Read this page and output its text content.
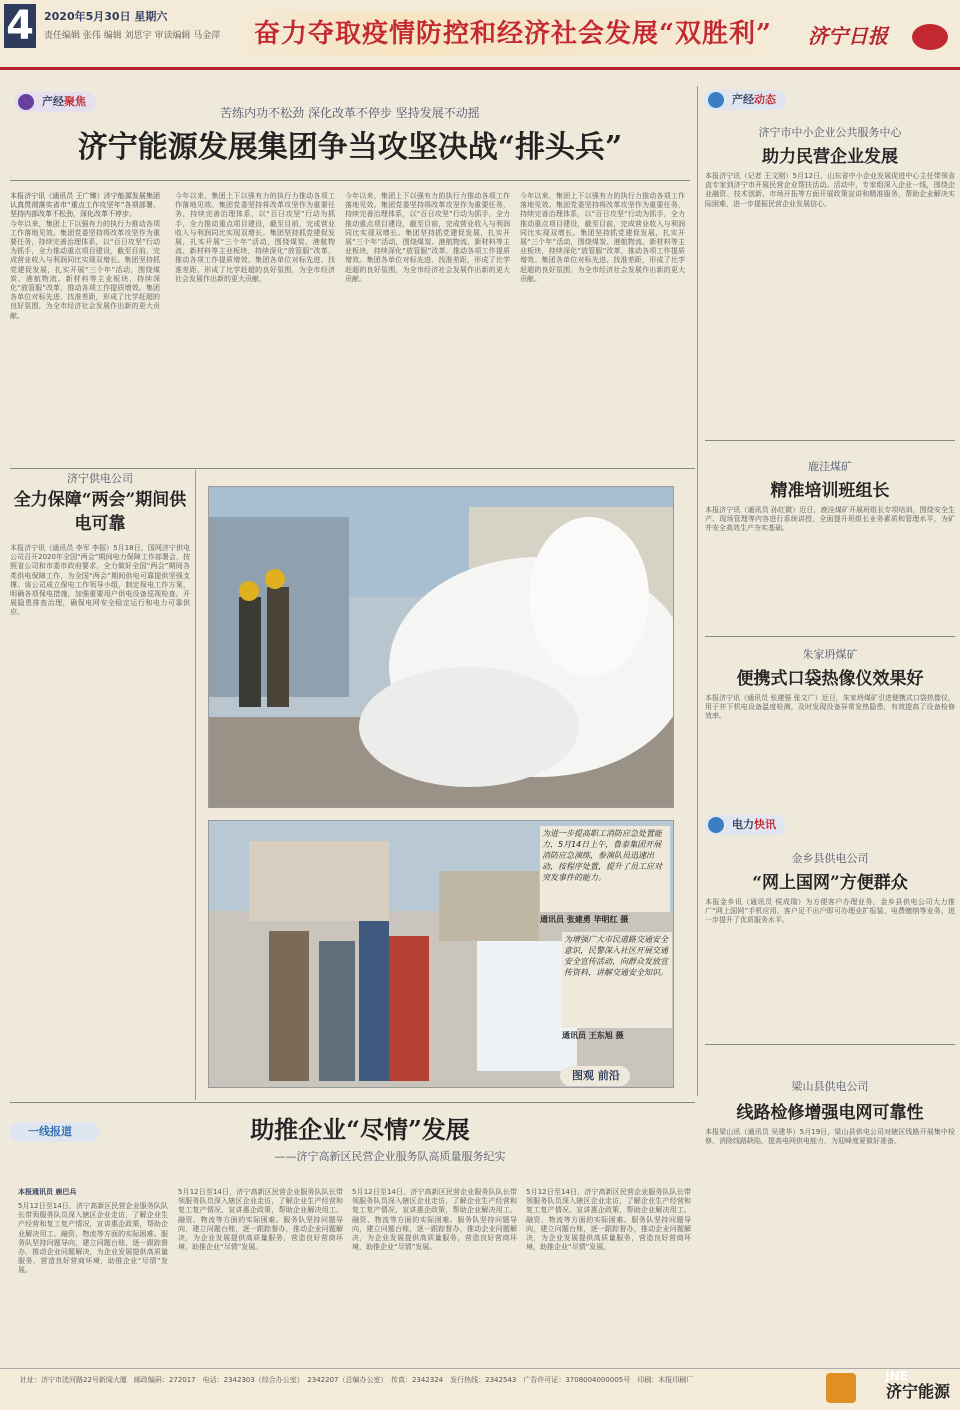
4 2020年5月30日 星期六
责任编辑 张伟 编辑 刘思宇 审读编辑 马金萍	奋力夺取疫情防控和经济社会发展“双胜利”	济宁日报
产经聚焦
苦练内功不松劲 深化改革不停步 坚持发展不动摇
济宁能源发展集团争当攻坚决战“排头兵”
本报济宁讯（通讯员 王广臻）济宁能源发展集团认真贯彻落实省市“重点工作攻坚年”各项部署，坚持内部改革不松劲，深化改革不停步。
今年以来，集团上下以强有力的执行力推动各项工作落地见效。集团党委坚持将改革攻坚作为重要任务，持续完善治理体系，以“百日攻坚”行动为抓手，全力推动重点项目建设，截至目前，完成营业收入与利润同比实现双增长。集团坚持抓党建促发展，扎实开展“三个年”活动，围绕煤炭、港航物流、新材料等主业板块，持续深化“放管服”改革，推动各项工作提质增效。集团各单位对标先进、找准差距，形成了比学赶超的良好氛围，为全市经济社会发展作出新的更大贡献。
今年以来，集团上下以强有力的执行力推动各项工作落地见效。集团党委坚持将改革攻坚作为重要任务，持续完善治理体系，以“百日攻坚”行动为抓手，全力推动重点项目建设，截至目前，完成营业收入与利润同比实现双增长。集团坚持抓党建促发展，扎实开展“三个年”活动，围绕煤炭、港航物流、新材料等主业板块，持续深化“放管服”改革，推动各项工作提质增效。集团各单位对标先进、找准差距，形成了比学赶超的良好氛围，为全市经济社会发展作出新的更大贡献。
今年以来，集团上下以强有力的执行力推动各项工作落地见效。集团党委坚持将改革攻坚作为重要任务，持续完善治理体系，以“百日攻坚”行动为抓手，全力推动重点项目建设，截至目前，完成营业收入与利润同比实现双增长。集团坚持抓党建促发展，扎实开展“三个年”活动，围绕煤炭、港航物流、新材料等主业板块，持续深化“放管服”改革，推动各项工作提质增效。集团各单位对标先进、找准差距，形成了比学赶超的良好氛围，为全市经济社会发展作出新的更大贡献。
今年以来，集团上下以强有力的执行力推动各项工作落地见效。集团党委坚持将改革攻坚作为重要任务，持续完善治理体系，以“百日攻坚”行动为抓手，全力推动重点项目建设，截至目前，完成营业收入与利润同比实现双增长。集团坚持抓党建促发展，扎实开展“三个年”活动，围绕煤炭、港航物流、新材料等主业板块，持续深化“放管服”改革，推动各项工作提质增效。集团各单位对标先进、找准差距，形成了比学赶超的良好氛围，为全市经济社会发展作出新的更大贡献。
产经动态
济宁市中小企业公共服务中心
助力民营企业发展
本报济宁讯（记者 王文刚）5月12日，山东省中小企业发展促进中心主任带领省直专家到济宁市开展民营企业帮扶活动。活动中，专家组深入企业一线，围绕企业融资、技术创新、市场开拓等方面开展政策宣讲和精准服务，帮助企业解决实际困难，进一步提振民营企业发展信心。
鹿洼煤矿
精准培训班组长
本报济宁讯（通讯员 孙红微）近日，鹿洼煤矿开展班组长专项培训，围绕安全生产、现场管理等内容进行系统讲授，全面提升班组长业务素质和管理水平，为矿井安全高效生产夯实基础。
朱家坍煤矿
便携式口袋热像仪效果好
本报济宁讯（通讯员 张建强 张文广）近日，朱家坍煤矿引进便携式口袋热像仪，用于井下机电设备温度检测，及时发现设备异常发热隐患，有效提高了设备检修效率。
电力快讯
金乡县供电公司
“网上国网”方便群众
本报金乡讯（通讯员 侯成瑞）为方便客户办理业务，金乡县供电公司大力推广“网上国网”手机应用，客户足不出户即可办理业扩报装、电费缴纳等业务，进一步提升了优质服务水平。
梁山县供电公司
线路检修增强电网可靠性
本报梁山讯（通讯员 吴建华）5月19日，梁山县供电公司对辖区线路开展集中检修，消除线路缺陷，提高电网供电能力，为迎峰度夏做好准备。
济宁供电公司
全力保障“两会”期间供电可靠
本报济宁讯（通讯员 李军 李振）5月18日，国网济宁供电公司召开2020年全国“两会”期间电力保障工作部署会，按照省公司和市委市政府要求，全力做好全国“两会”期间各类供电保障工作，为全国“两会”期间供电可靠提供坚强支撑。该公司成立保电工作领导小组，制定保电工作方案，明确各项保电措施，加强重要用户供电设备巡视检查，开展隐患排查治理，确保电网安全稳定运行和电力可靠供应。
为进一步提高职工消防应急处置能力，5月14日上午，鲁泰集团开展消防应急演练，参演队员迅速出动，按程序处置，提升了员工应对突发事件的能力。
通讯员 张建勇 毕明红 摄
为增强广大市民道路交通安全意识，民警深入社区开展交通安全宣传活动，向群众发放宣传资料，讲解交通安全知识。
通讯员 王东旭 摄
图观 前沿
一线报道	助推企业“尽情”发展
——济宁高新区民营企业服务队高质量服务纪实
本报通讯员 鹿巴兵
5月12日至14日，济宁高新区民营企业服务队队长带领服务队员深入辖区企业走访，了解企业生产经营和复工复产情况，宣讲惠企政策，帮助企业解决用工、融资、物流等方面的实际困难。服务队坚持问题导向，建立问题台账，逐一跟踪督办，推动企业问题解决，为企业发展提供高质量服务，营造良好营商环境，助推企业“尽情”发展。
5月12日至14日，济宁高新区民营企业服务队队长带领服务队员深入辖区企业走访，了解企业生产经营和复工复产情况，宣讲惠企政策，帮助企业解决用工、融资、物流等方面的实际困难。服务队坚持问题导向，建立问题台账，逐一跟踪督办，推动企业问题解决，为企业发展提供高质量服务，营造良好营商环境，助推企业“尽情”发展。
5月12日至14日，济宁高新区民营企业服务队队长带领服务队员深入辖区企业走访，了解企业生产经营和复工复产情况，宣讲惠企政策，帮助企业解决用工、融资、物流等方面的实际困难。服务队坚持问题导向，建立问题台账，逐一跟踪督办，推动企业问题解决，为企业发展提供高质量服务，营造良好营商环境，助推企业“尽情”发展。
5月12日至14日，济宁高新区民营企业服务队队长带领服务队员深入辖区企业走访，了解企业生产经营和复工复产情况，宣讲惠企政策，帮助企业解决用工、融资、物流等方面的实际困难。服务队坚持问题导向，建立问题台账，逐一跟踪督办，推动企业问题解决，为企业发展提供高质量服务，营造良好营商环境，助推企业“尽情”发展。
社址：济宁市洸河路22号新闻大厦　邮政编码：272017　电话：2342303（综合办公室）　2342207（总编办公室）　传真：2342324　发行热线：2342543　广告许可证：3708004000005号　印刷：本报印刷厂	JNE
济宁能源
